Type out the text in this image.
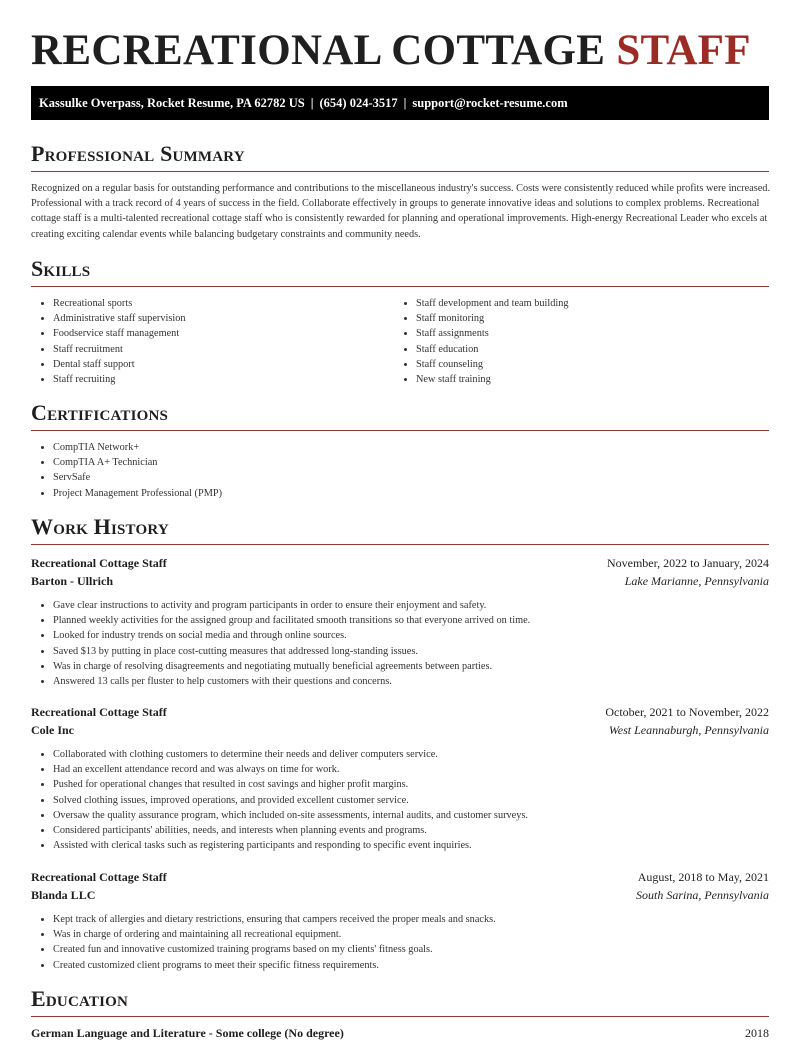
RECREATIONAL COTTAGE STAFF
Kassulke Overpass, Rocket Resume, PA 62782 US | (654) 024-3517 | support@rocket-resume.com
Professional Summary

Recognized on a regular basis for outstanding performance and contributions to the miscellaneous industry's success. Costs were consistently reduced while profits were increased. Professional with a track record of 4 years of success in the field. Collaborate effectively in groups to generate innovative ideas and solutions to complex problems. Recreational cottage staff is a multi-talented recreational cottage staff who is consistently rewarded for planning and operational improvements. High-energy Recreational Leader who excels at creating exciting calendar events while balancing budgetary constraints and community needs.

Skills
• Recreational sports
• Administrative staff supervision
• Foodservice staff management
• Staff recruitment
• Dental staff support
• Staff recruiting
• Staff development and team building
• Staff monitoring
• Staff assignments
• Staff education
• Staff counseling
• New staff training
Certifications
• CompTIA Network+
• CompTIA A+ Technician
• ServSafe
• Project Management Professional (PMP)
Work History
Recreational Cottage Staff	November, 2022 to January, 2024
Barton - Ullrich	Lake Marianne, Pennsylvania
• Gave clear instructions to activity and program participants in order to ensure their enjoyment and safety.
• Planned weekly activities for the assigned group and facilitated smooth transitions so that everyone arrived on time.
• Looked for industry trends on social media and through online sources.
• Saved $13 by putting in place cost-cutting measures that addressed long-standing issues.
• Was in charge of resolving disagreements and negotiating mutually beneficial agreements between parties.
• Answered 13 calls per fluster to help customers with their questions and concerns.
Recreational Cottage Staff	October, 2021 to November, 2022
Cole Inc	West Leannaburgh, Pennsylvania
• Collaborated with clothing customers to determine their needs and deliver computers service.
• Had an excellent attendance record and was always on time for work.
• Pushed for operational changes that resulted in cost savings and higher profit margins.
• Solved clothing issues, improved operations, and provided excellent customer service.
• Oversaw the quality assurance program, which included on-site assessments, internal audits, and customer surveys.
• Considered participants' abilities, needs, and interests when planning events and programs.
• Assisted with clerical tasks such as registering participants and responding to specific event inquiries.
Recreational Cottage Staff	August, 2018 to May, 2021
Blanda LLC	South Sarina, Pennsylvania
• Kept track of allergies and dietary restrictions, ensuring that campers received the proper meals and snacks.
• Was in charge of ordering and maintaining all recreational equipment.
• Created fun and innovative customized training programs based on my clients' fitness goals.
• Created customized client programs to meet their specific fitness requirements.
Education
German Language and Literature - Some college (No degree)	2018
